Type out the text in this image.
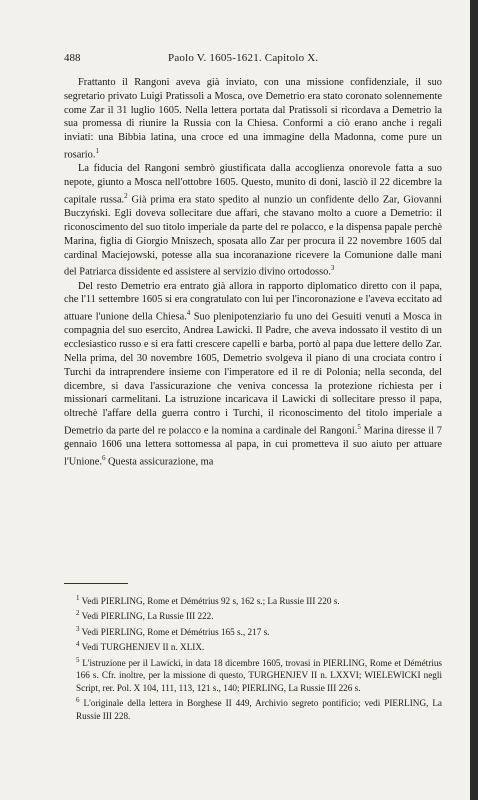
488	Paolo V. 1605-1621. Capitolo X.

Frattanto il Rangoni aveva già inviato, con una missione confidenziale, il suo segretario privato Luigi Pratissoli a Mosca, ove Demetrio era stato coronato solennemente come Zar il 31 luglio 1605. Nella lettera portata dal Pratissoli si ricordava a Demetrio la sua promessa di riunire la Russia con la Chiesa. Conformi a ciò erano anche i regali inviati: una Bibbia latina, una croce ed una immagine della Madonna, come pure un rosario.$^1$

La fiducia del Rangoni sembrò giustificata dalla accoglienza onorevole fatta a suo nepote, giunto a Mosca nell'ottobre 1605. Questo, munito di doni, lasciò il 22 dicembre la capitale russa.$^2$ Già prima era stato spedito al nunzio un confidente dello Zar, Giovanni Buczyński. Egli doveva sollecitare due affari, che stavano molto a cuore a Demetrio: il riconoscimento del suo titolo imperiale da parte del re polacco, e la dispensa papale perchè Marina, figlia di Giorgio Mniszech, sposata allo Zar per procura il 22 novembre 1605 dal cardinal Maciejowski, potesse alla sua incoranazione ricevere la Comunione dalle mani del Patriarca dissidente ed assistere al servizio divino ortodosso.$^3$

Del resto Demetrio era entrato già allora in rapporto diplomatico diretto con il papa, che l'11 settembre 1605 si era congratulato con lui per l'incoronazione e l'aveva eccitato ad attuare l'unione della Chiesa.$^4$ Suo plenipotenziario fu uno dei Gesuiti venuti a Mosca in compagnia del suo esercito, Andrea Lawicki. Il Padre, che aveva indossato il vestito di un ecclesiastico russo e si era fatti crescere capelli e barba, portò al papa due lettere dello Zar. Nella prima, del 30 novembre 1605, Demetrio svolgeva il piano di una crociata contro i Turchi da intraprendere insieme con l'imperatore ed il re di Polonia; nella seconda, del dicembre, si dava l'assicurazione che veniva concessa la protezione richiesta per i missionari carmelitani. La istruzione incaricava il Lawicki di sollecitare presso il papa, oltrechè l'affare della guerra contro i Turchi, il riconoscimento del titolo imperiale a Demetrio da parte del re polacco e la nomina a cardinale del Rangoni.$^5$ Marina diresse il 7 gennaio 1606 una lettera sottomessa al papa, in cui prometteva il suo aiuto per attuare l'Unione.$^6$ Questa assicurazione, ma

$^1$ Vedi PIERLING, Rome et Démétrius 92 s, 162 s.; La Russie III 220 s.

$^2$ Vedi PIERLING, La Russie III 222.

$^3$ Vedi PIERLING, Rome et Démétrius 165 s., 217 s.

$^4$ Vedi TURGHENJEV II n. XLIX.

$^5$ L'istruzione per il Lawicki, in data 18 dicembre 1605, trovasi in PIERLING, Rome et Démétrius 166 s. Cfr. inoltre, per la missione di questo, TURGHENJEV II n. LXXVI; WIELEWICKI negli Script, rer. Pol. X 104, 111, 113, 121 s., 140; PIERLING, La Russie III 226 s.

$^6$ L'originale della lettera in Borghese II 449, Archivio segreto pontificio; vedi PIERLING, La Russie III 228.
